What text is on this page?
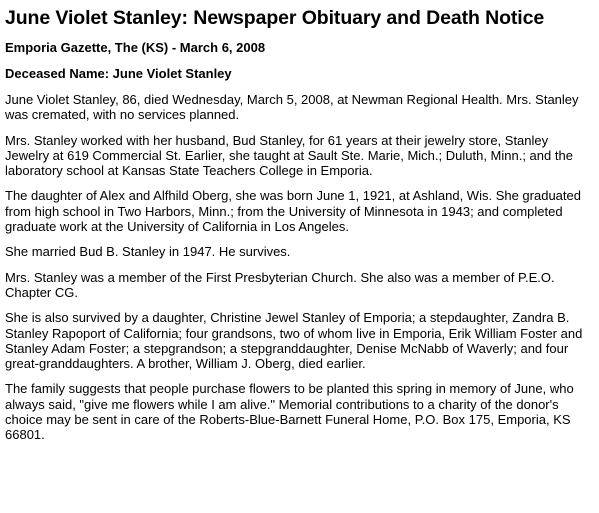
June Violet Stanley: Newspaper Obituary and Death Notice
Emporia Gazette, The (KS) - March 6, 2008
Deceased Name: June Violet Stanley

June Violet Stanley, 86, died Wednesday, March 5, 2008, at Newman Regional Health. Mrs. Stanley was cremated, with no services planned.

Mrs. Stanley worked with her husband, Bud Stanley, for 61 years at their jewelry store, Stanley Jewelry at 619 Commercial St. Earlier, she taught at Sault Ste. Marie, Mich.; Duluth, Minn.; and the laboratory school at Kansas State Teachers College in Emporia.

The daughter of Alex and Alfhild Oberg, she was born June 1, 1921, at Ashland, Wis. She graduated from high school in Two Harbors, Minn.; from the University of Minnesota in 1943; and completed graduate work at the University of California in Los Angeles.

She married Bud B. Stanley in 1947. He survives.

Mrs. Stanley was a member of the First Presbyterian Church. She also was a member of P.E.O. Chapter CG.

She is also survived by a daughter, Christine Jewel Stanley of Emporia; a stepdaughter, Zandra B. Stanley Rapoport of California; four grandsons, two of whom live in Emporia, Erik William Foster and Stanley Adam Foster; a stepgrandson; a stepgranddaughter, Denise McNabb of Waverly; and four great-granddaughters. A brother, William J. Oberg, died earlier.

The family suggests that people purchase flowers to be planted this spring in memory of June, who always said, "give me flowers while I am alive." Memorial contributions to a charity of the donor's choice may be sent in care of the Roberts-Blue-Barnett Funeral Home, P.O. Box 175, Emporia, KS 66801.
